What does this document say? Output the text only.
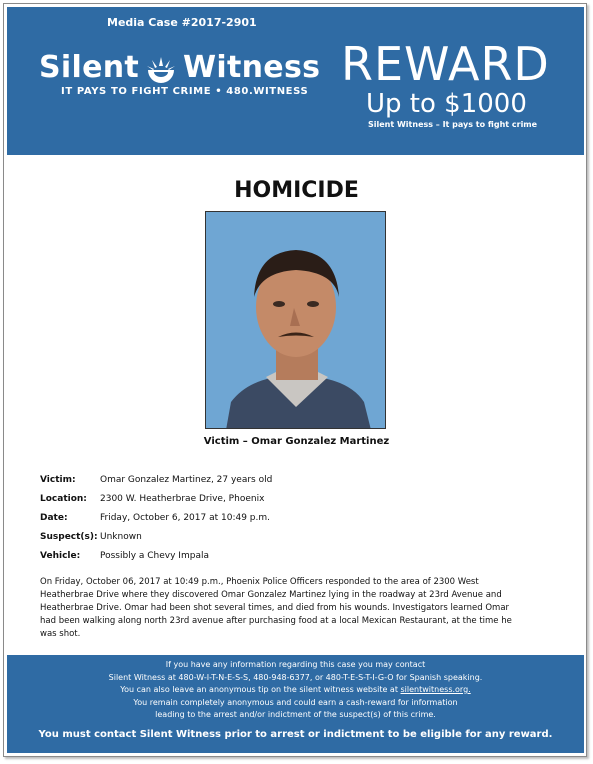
Media Case #2017-2901
Silent Witness
IT PAYS TO FIGHT CRIME • 480.WITNESS
REWARD
Up to $1000
Silent Witness – It pays to fight crime
HOMICIDE
Victim – Omar Gonzalez Martinez
Victim:	Omar Gonzalez Martinez, 27 years old
Location: 2300 W. Heatherbrae Drive, Phoenix
Date:	Friday, October 6, 2017 at 10:49 p.m.
Suspect(s): Unknown
Vehicle: Possibly a Chevy Impala
On Friday, October 06, 2017 at 10:49 p.m., Phoenix Police Officers responded to the area of 2300 West
Heatherbrae Drive where they discovered Omar Gonzalez Martinez lying in the roadway at 23rd Avenue and
Heatherbrae Drive. Omar had been shot several times, and died from his wounds. Investigators learned Omar
had been walking along north 23rd avenue after purchasing food at a local Mexican Restaurant, at the time he
was shot.
If you have any information regarding this case you may contact
Silent Witness at 480-W-I-T-N-E-S-S, 480-948-6377, or 480-T-E-S-T-I-G-O for Spanish speaking.
You can also leave an anonymous tip on the silent witness website at silentwitness.org.
You remain completely anonymous and could earn a cash-reward for information
leading to the arrest and/or indictment of the suspect(s) of this crime.
You must contact Silent Witness prior to arrest or indictment to be eligible for any reward.
